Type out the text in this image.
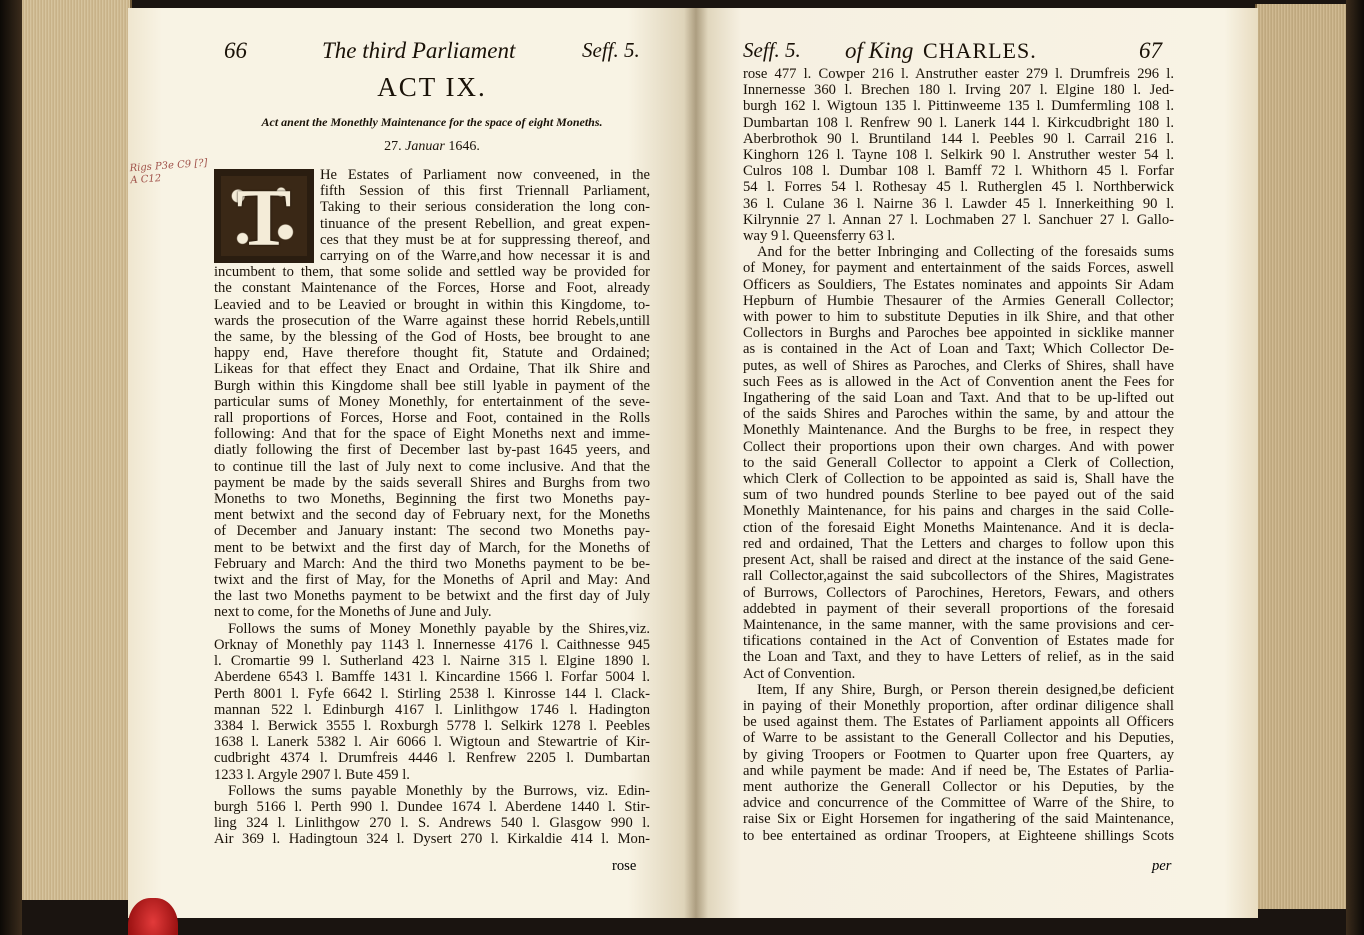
66	The third Parliament	Seff. 5.
ACT IX.
Act anent the Monethly Maintenance for the space of eight Moneths.
27. Januar 1646.
T	He Estates of Parliament now conveened, in the
fifth Session of this first Triennall Parliament,
Taking to their serious consideration the long con-
tinuance of the present Rebellion, and great expen-
ces that they must be at for suppressing thereof, and
carrying on of the Warre,and how necessar it is and
incumbent to them, that some solide and settled way be provided for
the constant Maintenance of the Forces, Horse and Foot, already
Leavied and to be Leavied or brought in within this Kingdome, to-
wards the prosecution of the Warre against these horrid Rebels,untill
the same, by the blessing of the God of Hosts, bee brought to ane
happy end, Have therefore thought fit, Statute and Ordained;
Likeas for that effect they Enact and Ordaine, That ilk Shire and
Burgh within this Kingdome shall bee still lyable in payment of the
particular sums of Money Monethly, for entertainment of the seve-
rall proportions of Forces, Horse and Foot, contained in the Rolls
following: And that for the space of Eight Moneths next and imme-
diatly following the first of December last by-past 1645 yeers, and
to continue till the last of July next to come inclusive. And that the
payment be made by the saids severall Shires and Burghs from two
Moneths to two Moneths, Beginning the first two Moneths pay-
ment betwixt and the second day of February next, for the Moneths
of December and January instant: The second two Moneths pay-
ment to be betwixt and the first day of March, for the Moneths of
February and March: And the third two Moneths payment to be be-
twixt and the first of May, for the Moneths of April and May: And
the last two Moneths payment to be betwixt and the first day of July
next to come, for the Moneths of June and July.
Follows the sums of Money Monethly payable by the Shires,viz.
Orknay of Monethly pay 1143 l. Innernesse 4176 l. Caithnesse 945
l. Cromartie 99 l. Sutherland 423 l. Nairne 315 l. Elgine 1890 l.
Aberdene 6543 l. Bamffe 1431 l. Kincardine 1566 l. Forfar 5004 l.
Perth 8001 l. Fyfe 6642 l. Stirling 2538 l. Kinrosse 144 l. Clack-
mannan 522 l. Edinburgh 4167 l. Linlithgow 1746 l. Hadington
3384 l. Berwick 3555 l. Roxburgh 5778 l. Selkirk 1278 l. Peebles
1638 l. Lanerk 5382 l. Air 6066 l. Wigtoun and Stewartrie of Kir-
cudbright 4374 l. Drumfreis 4446 l. Renfrew 2205 l. Dumbartan
1233 l. Argyle 2907 l. Bute 459 l.
Follows the sums payable Monethly by the Burrows, viz. Edin-
burgh 5166 l. Perth 990 l. Dundee 1674 l. Aberdene 1440 l. Stir-
ling 324 l. Linlithgow 270 l. S. Andrews 540 l. Glasgow 990 l.
Air 369 l. Hadingtoun 324 l. Dysert 270 l. Kirkaldie 414 l. Mon-
Rigs P3e C9 [?]
A C12
Seff. 5. of King CHARLES.	67
rose 477 l. Cowper 216 l. Anstruther easter 279 l. Drumfreis 296 l.
Innernesse 360 l. Brechen 180 l. Irving 207 l. Elgine 180 l. Jed-
burgh 162 l. Wigtoun 135 l. Pittinweeme 135 l. Dumfermling 108 l.
Dumbartan 108 l. Renfrew 90 l. Lanerk 144 l. Kirkcudbright 180 l.
Aberbrothok 90 l. Bruntiland 144 l. Peebles 90 l. Carrail 216 l.
Kinghorn 126 l. Tayne 108 l. Selkirk 90 l. Anstruther wester 54 l.
Culros 108 l. Dumbar 108 l. Bamff 72 l. Whithorn 45 l. Forfar
54 l. Forres 54 l. Rothesay 45 l. Rutherglen 45 l. Northberwick
36 l. Culane 36 l. Nairne 36 l. Lawder 45 l. Innerkeithing 90 l.
Kilrynnie 27 l. Annan 27 l. Lochmaben 27 l. Sanchuer 27 l. Gallo-
way 9 l. Queensferry 63 l.
And for the better Inbringing and Collecting of the foresaids sums
of Money, for payment and entertainment of the saids Forces, aswell
Officers as Souldiers, The Estates nominates and appoints Sir Adam
Hepburn of Humbie Thesaurer of the Armies Generall Collector;
with power to him to substitute Deputies in ilk Shire, and that other
Collectors in Burghs and Paroches bee appointed in sicklike manner
as is contained in the Act of Loan and Taxt; Which Collector De-
putes, as well of Shires as Paroches, and Clerks of Shires, shall have
such Fees as is allowed in the Act of Convention anent the Fees for
Ingathering of the said Loan and Taxt. And that to be up-lifted out
of the saids Shires and Paroches within the same, by and attour the
Monethly Maintenance. And the Burghs to be free, in respect they
Collect their proportions upon their own charges. And with power
to the said Generall Collector to appoint a Clerk of Collection,
which Clerk of Collection to be appointed as said is, Shall have the
sum of two hundred pounds Sterline to bee payed out of the said
Monethly Maintenance, for his pains and charges in the said Colle-
ction of the foresaid Eight Moneths Maintenance. And it is decla-
red and ordained, That the Letters and charges to follow upon this
present Act, shall be raised and direct at the instance of the said Gene-
rall Collector,against the said subcollectors of the Shires, Magistrates
of Burrows, Collectors of Parochines, Heretors, Fewars, and others
addebted in payment of their severall proportions of the foresaid
Maintenance, in the same manner, with the same provisions and cer-
tifications contained in the Act of Convention of Estates made for
the Loan and Taxt, and they to have Letters of relief, as in the said
Act of Convention.
Item, If any Shire, Burgh, or Person therein designed,be deficient
in paying of their Monethly proportion, after ordinar diligence shall
be used against them. The Estates of Parliament appoints all Officers
of Warre to be assistant to the Generall Collector and his Deputies,
by giving Troopers or Footmen to Quarter upon free Quarters, ay
and while payment be made: And if need be, The Estates of Parlia-
ment authorize the Generall Collector or his Deputies, by the
advice and concurrence of the Committee of Warre of the Shire, to
raise Six or Eight Horsemen for ingathering of the said Maintenance,
to bee entertained as ordinar Troopers, at Eighteene shillings Scots
rose	per
